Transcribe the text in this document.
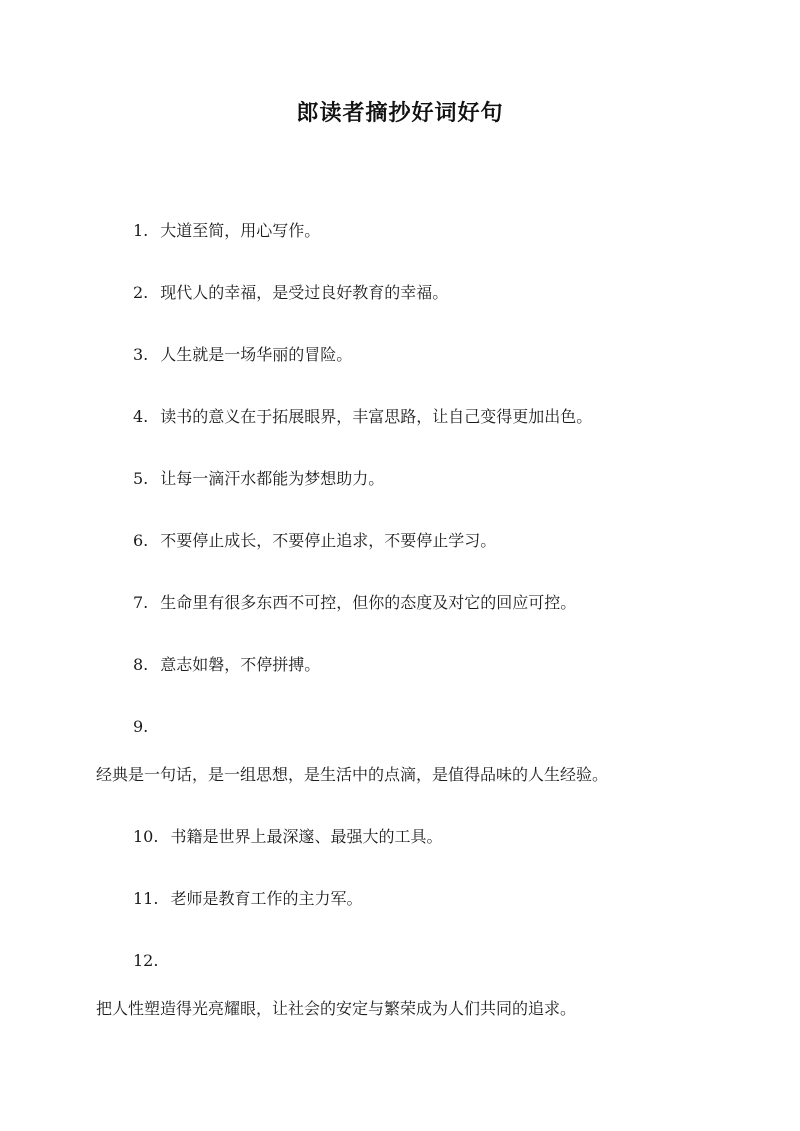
郎读者摘抄好词好句
1. 大道至简，用心写作。
2. 现代人的幸福，是受过良好教育的幸福。
3. 人生就是一场华丽的冒险。
4. 读书的意义在于拓展眼界，丰富思路，让自己变得更加出色。
5. 让每一滴汗水都能为梦想助力。
6. 不要停止成长，不要停止追求，不要停止学习。
7. 生命里有很多东西不可控，但你的态度及对它的回应可控。
8. 意志如磐，不停拼搏。
9.
经典是一句话，是一组思想，是生活中的点滴，是值得品味的人生经验。
10. 书籍是世界上最深邃、最强大的工具。
11. 老师是教育工作的主力军。
12.
把人性塑造得光亮耀眼，让社会的安定与繁荣成为人们共同的追求。
